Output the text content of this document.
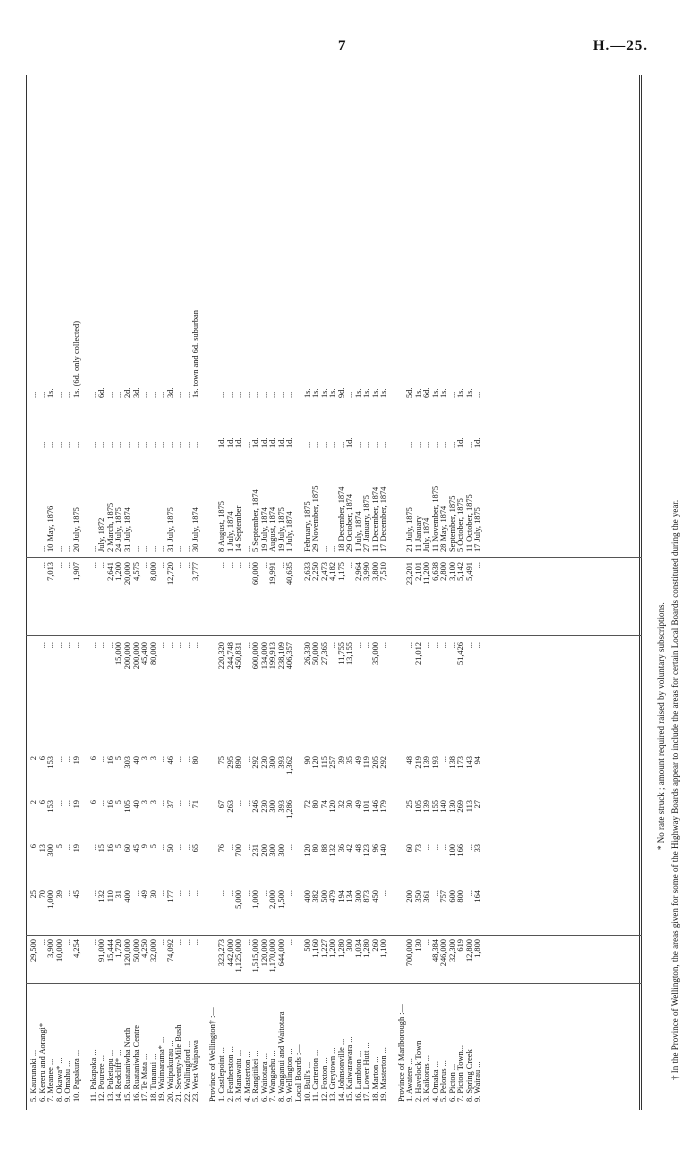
7	H.—25.
5. Kaurunaki ... 6. Kereru and Aorangi* 7. Meanee ... 8. Okawa* ... 9. Omahu ... 10. Papakura ... 11. Pakapaka ... 12. Pourere ... 13. Puketapu ... 14. Redcliff* ... 15. Ruataniwha North 16. Ruataniwha Centre 17. Te Mata ... 18. Tunanui ... 19. Waimarama* ... 20. Waipukurau ... 21. Seventy-Mile Bush 22. Wallingford ... 23. West Waipawa Province of Wellington† :— 1. Castlepoint ... 2. Featherston ... 3. Manawatu ... 4. Masterton ... 5. Rangitikei ... 6. Waitotara ... 7. Wangaehu ... 8. Wanganui and Waitotara 9. Wellington ... Local Boards :— 10. Bull's ... 11. Carterton ... 12. Foxton ... 13. Greytown ... 14. Johnsonville ... 15. Kaiwarawara ... 16. Lambton ... 17. Lower Hutt ... 18. Marton ... 19. Masterton ... Province of Marlborough :— 1. Awatere ... 2. Havelock Town 3. Kaikoras ... 4. Omaka ... 5. Pelorus ... 6. Picton ... 7. Picton Town... 8. Spring Creek 9. Wairau ...
29,500 ... 3,900 10,000 ... 4,254 ... 91,000 15,444 1,720 120,000 50,000 4,250 32,000 ... 74,092 ... ... ... 323,273 442,000 1,125,000 ... 1,515,000 120,000 1,170,000 644,000 ... 500 1,160 1,227 1,200 1,280 300 1,034 1,280 260 1,100 700,000 130 ... 48,384 246,000 32,300 619 12,800 1,800
25 70 1,000 39 ... 45 ... 132 110 31 400 ... 49 30 ... 177 ... ... ... ... ... 5,000 ... 1,000 ... 2,000 1,500 ... 400 382 500 479 194 134 300 873 450 ... 200 350 361 ... 757 600 800 ... 164
6 13 300 5 ... 19 ... 15 16 5 60 45 9 5 ... 50 ... ... 65 76 ... 700 ... 231 200 300 300 ... 120 80 88 132 36 42 48 123 96 140 60 73 ... ... ... 100 166 ... 33
2 6 153 ... ... 19 6 ... 16 5 105 40 3 3 ... 37 ... ... 71 67 263 ... ... 246 230 300 393 1,286 72 80 74 120 32 30 49 101 146 179 25 105 139 155 140 130 269 113 27
2 6 153 ... ... 19 6 ... 16 5 303 40 3 3 ... 46 ... ... 80 75 295 890 ... 292 230 300 393 1,362 90 120 115 257 39 35 49 119 205 292 48 219 139 193 ... 138 173 143 94
... ... ... ... ... ... ... ... 15,000 200,000 200,000 45,400 80,000 ... ... ... ... ... 220,320 244,748 450,831 ... 600,000 134,000 199,913 238,109 406,357 26,330 50,000 27,365 ... 11,755 13,155 ... ... 35,000 ... ... 21,012 ... ... ... ... 51,426 ... ...
... 7,013 ... ... 1,907 ... ... 2,641 1,200 20,000 4,575 ... 8,000 ... 12,720 ... ... 3,777 ... ... ... ... 60,000 ... 19,991 ... 40,635 2,633 2,250 2,473 4,182 1,175 ... 2,964 3,990 3,800 7,510 23,201 2,101 11,200 6,638 2,800 3,100 5,142 5,491 ...
... 10 May, 1876 ... ... 20 July, 1875 ... July, 1872 2 March, 1875 24 July, 1875 31 July, 1874 ... ... ... ... 31 July, 1875 ... ... 30 July, 1874 8 August, 1875 1 July, 1874 14 September ... 5 September, 1874 19 July, 1874 August, 1874 19 July, 1875 1 July, 1874 February, 1875 29 November, 1875 ... ... 18 December, 1874 29 October, 1874 1 July, 1874 27 January, 1875 11 December, 1874 17 December, 1874 21 July, 1875 11 January July, 1874 11 November, 1875 28 May, 1874 September, 1875 5 October, 1875 11 October, 1875 17 July, 1875
... ... ... ... ... ... ... ... ... ... ... ... ... ... ... ... ... ... 1d. 1d. 1d. ... 1d. 1d. 1d. 1d. 1d. ... ... ... ... ... 1d. ... ... ... ... ... ... ... ... ... ... 1d. ... 1d.
... ... 1s. ... ... 1s. (6d. only collected) ... 6d. ... ... 2d. 3d. ... ... ... 3d. ... ... 1s. town and 6d. suburban ... ... ... ... ... ... ... ... ... 1s. 1s. 1s. 1s. 9d. ... 1s. 1s. 1s. 1s. 5d. 1s. 6d. 1s. 1s. ... 1s. 1s. ...
* No rate struck ; amount required raised by voluntary subscriptions. † In the Province of Wellington, the areas given for some of the Highway Boards appear to include the areas for certain Local Boards constituted during the year.
